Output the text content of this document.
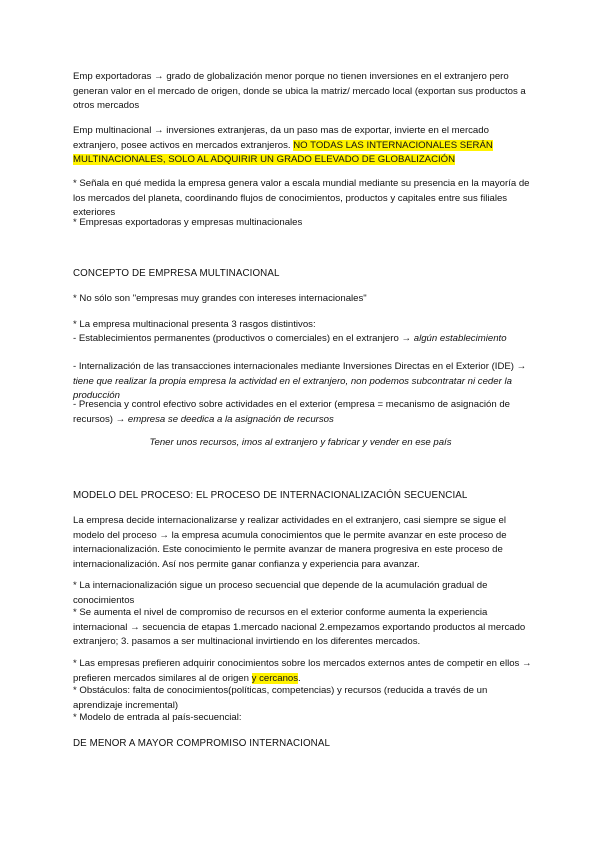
Emp exportadoras → grado de globalización menor porque no tienen inversiones en el extranjero pero generan valor en el mercado de origen, donde se ubica la matriz/ mercado local (exportan sus productos a otros mercados

Emp multinacional → inversiones extranjeras, da un paso mas de exportar, invierte en el mercado extranjero, posee activos en mercados extranjeros. NO TODAS LAS INTERNACIONALES SERÁN MULTINACIONALES, SOLO AL ADQUIRIR UN GRADO ELEVADO DE GLOBALIZACIÓN

* Señala en qué medida la empresa genera valor a escala mundial mediante su presencia en la mayoría de los mercados del planeta, coordinando flujos de conocimientos, productos y capitales entre sus filiales exteriores

* Empresas exportadoras y empresas multinacionales

CONCEPTO DE EMPRESA MULTINACIONAL

* No sólo son "empresas muy grandes con intereses internacionales"

* La empresa multinacional presenta 3 rasgos distintivos:

- Establecimientos permanentes (productivos o comerciales) en el extranjero → algún establecimiento

- Internalización de las transacciones internacionales mediante Inversiones Directas en el Exterior (IDE) → tiene que realizar la propia empresa la actividad en el extranjero, non podemos subcontratar ni ceder la producción

- Presencia y control efectivo sobre actividades en el exterior (empresa = mecanismo de asignación de recursos) → empresa se deedica a la asignación de recursos

Tener unos recursos, imos al extranjero y fabricar y vender en ese país

MODELO DEL PROCESO: EL PROCESO DE INTERNACIONALIZACIÓN SECUENCIAL

La empresa decide internacionalizarse y realizar actividades en el extranjero, casi siempre se sigue el modelo del proceso → la empresa acumula conocimientos que le permite avanzar en este proceso de internacionalización. Este conocimiento le permite avanzar de manera progresiva en este proceso de internacionalización. Así nos permite ganar confianza y experiencia para avanzar.

* La internacionalización sigue un proceso secuencial que depende de la acumulación gradual de conocimientos

* Se aumenta el nivel de compromiso de recursos en el exterior conforme aumenta la experiencia internacional → secuencia de etapas 1.mercado nacional 2.empezamos exportando productos al mercado extranjero; 3. pasamos a ser multinacional invirtiendo en los diferentes mercados.

* Las empresas prefieren adquirir conocimientos sobre los mercados externos antes de competir en ellos → prefieren mercados similares al de origen y cercanos.

* Obstáculos: falta de conocimientos(políticas, competencias) y recursos (reducida a través de un aprendizaje incremental)

* Modelo de entrada al país-secuencial:

DE MENOR A MAYOR COMPROMISO INTERNACIONAL
